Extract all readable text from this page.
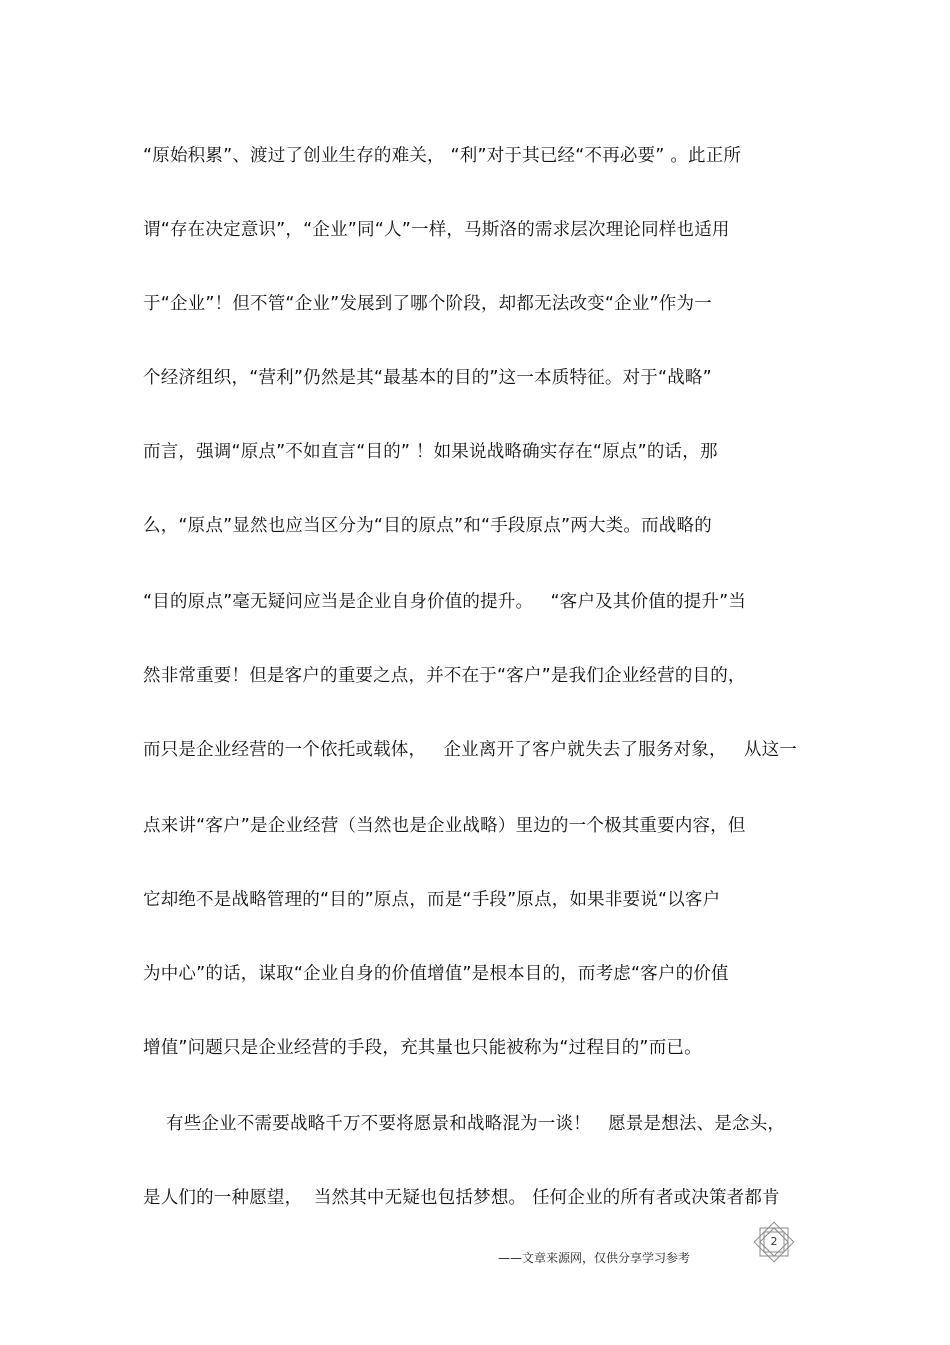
“原始积累”、渡过了创业生存的难关， “利”对于其已经“不再必要” 。此正所
谓“存在决定意识”，“企业”同“人”一样，马斯洛的需求层次理论同样也适用
于“企业”！但不管“企业”发展到了哪个阶段，却都无法改变“企业”作为一
个经济组织，“营利”仍然是其“最基本的目的”这一本质特征。对于“战略”
而言，强调“原点”不如直言“目的” ！如果说战略确实存在“原点”的话，那
么，“原点”显然也应当区分为“目的原点”和“手段原点”两大类。而战略的
“目的原点”毫无疑问应当是企业自身价值的提升。   “客户及其价值的提升”当
然非常重要！但是客户的重要之点，并不在于“客户”是我们企业经营的目的，
而只是企业经营的一个依托或载体，   企业离开了客户就失去了服务对象，   从这一
点来讲“客户”是企业经营（当然也是企业战略）里边的一个极其重要内容，但
它却绝不是战略管理的“目的”原点，而是“手段”原点，如果非要说“以客户
为中心”的话，谋取“企业自身的价值增值”是根本目的，而考虑“客户的价值
增值”问题只是企业经营的手段，充其量也只能被称为“过程目的”而已。
有些企业不需要战略千万不要将愿景和战略混为一谈！   愿景是想法、是念头，
是人们的一种愿望，  当然其中无疑也包括梦想。 任何企业的所有者或决策者都肯
——文章来源网，仅供分享学习参考
2
